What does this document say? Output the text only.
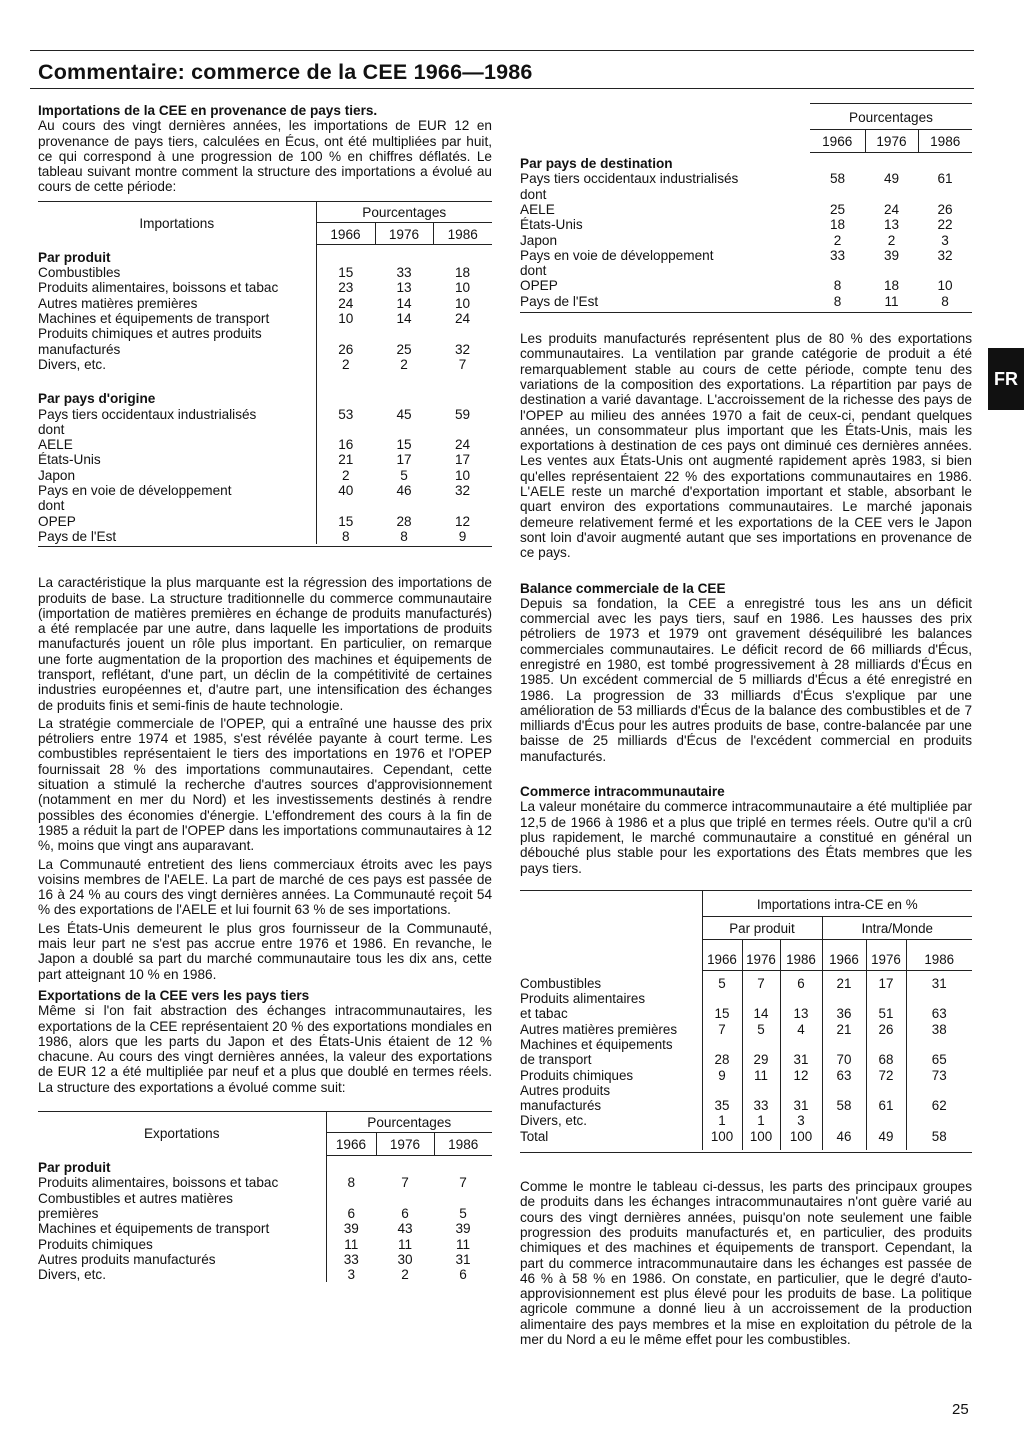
Commentaire: commerce de la CEE 1966—1986
Importations de la CEE en provenance de pays tiers.

Au cours des vingt dernières années, les importations de EUR 12 en provenance de pays tiers, calculées en Écus, ont été multipliées par huit, ce qui correspond à une progression de 100 % en chiffres déflatés. Le tableau suivant montre comment la structure des importations a évolué au cours de cette période:

Importations	Pourcentages		
	1966	1976	1986
Par produit			
Combustibles	15	33	18
Produits alimentaires, boissons et tabac	23	13	10
Autres matières premières	24	14	10
Machines et équipements de transport	10	14	24
Produits chimiques et autres produits			
manufacturés	26	25	32
Divers, etc.	2	2	7

Par pays d'origine			
Pays tiers occidentaux industrialisés	53	45	59
dont			
AELE	16	15	24
États-Unis	21	17	17
Japon	2	5	10
Pays en voie de développement	40	46	32
dont			
OPEP	15	28	12
Pays de l'Est	8	8	9

La caractéristique la plus marquante est la régression des importations de produits de base. La structure traditionnelle du commerce communautaire (importation de matières premières en échange de produits manufacturés) a été remplacée par une autre, dans laquelle les importations de produits manufacturés jouent un rôle plus important. En particulier, on remarque une forte augmentation de la proportion des machines et équipements de transport, reflétant, d'une part, un déclin de la compétitivité de certaines industries européennes et, d'autre part, une intensification des échanges de produits finis et semi-finis de haute technologie.

La stratégie commerciale de l'OPEP, qui a entraîné une hausse des prix pétroliers entre 1974 et 1985, s'est révélée payante à court terme. Les combustibles représentaient le tiers des importations en 1976 et l'OPEP fournissait 28 % des importations communautaires. Cependant, cette situation a stimulé la recherche d'autres sources d'approvisionnement (notamment en mer du Nord) et les investissements destinés à rendre possibles des économies d'énergie. L'effondrement des cours à la fin de 1985 a réduit la part de l'OPEP dans les importations communautaires à 12 %, moins que vingt ans auparavant.

La Communauté entretient des liens commerciaux étroits avec les pays voisins membres de l'AELE. La part de marché de ces pays est passée de 16 à 24 % au cours des vingt dernières années. La Communauté reçoit 54 % des exportations de l'AELE et lui fournit 63 % de ses importations.

Les États-Unis demeurent le plus gros fournisseur de la Communauté, mais leur part ne s'est pas accrue entre 1976 et 1986. En revanche, le Japon a doublé sa part du marché communautaire tous les dix ans, cette part atteignant 10 % en 1986.

Exportations de la CEE vers les pays tiers

Même si l'on fait abstraction des échanges intracommunautaires, les exportations de la CEE représentaient 20 % des exportations mondiales en 1986, alors que les parts du Japon et des États-Unis étaient de 12 % chacune. Au cours des vingt dernières années, la valeur des exportations de EUR 12 a été multipliée par neuf et a plus que doublé en termes réels. La structure des exportations a évolué comme suit:

Exportations	Pourcentages		
	1966	1976	1986
Par produit			
Produits alimentaires, boissons et tabac	8	7	7
Combustibles et autres matières			
premières	6	6	5
Machines et équipements de transport	39	43	39
Produits chimiques	11	11	11
Autres produits manufacturés	33	30	31
Divers, etc.	3	2	6
	Pourcentages		
	1966	1976	1986
Par pays de destination			
Pays tiers occidentaux industrialisés	58	49	61
dont			
AELE	25	24	26
États-Unis	18	13	22
Japon	2	2	3
Pays en voie de développement	33	39	32
dont			
OPEP	8	18	10
Pays de l'Est	8	11	8

Les produits manufacturés représentent plus de 80 % des exportations communautaires. La ventilation par grande catégorie de produit a été remarquablement stable au cours de cette période, compte tenu des variations de la composition des exportations. La répartition par pays de destination a varié davantage. L'accroissement de la richesse des pays de l'OPEP au milieu des années 1970 a fait de ceux-ci, pendant quelques années, un consommateur plus important que les États-Unis, mais les exportations à destination de ces pays ont diminué ces dernières années. Les ventes aux États-Unis ont augmenté rapidement après 1983, si bien qu'elles représentaient 22 % des exportations communautaires en 1986. L'AELE reste un marché d'exportation important et stable, absorbant le quart environ des exportations communautaires. Le marché japonais demeure relativement fermé et les exportations de la CEE vers le Japon sont loin d'avoir augmenté autant que ses importations en provenance de ce pays.

Balance commerciale de la CEE

Depuis sa fondation, la CEE a enregistré tous les ans un déficit commercial avec les pays tiers, sauf en 1986. Les hausses des prix pétroliers de 1973 et 1979 ont gravement déséquilibré les balances commerciales communautaires. Le déficit record de 66 milliards d'Écus, enregistré en 1980, est tombé progressivement à 28 milliards d'Écus en 1985. Un excédent commercial de 5 milliards d'Écus a été enregistré en 1986. La progression de 33 milliards d'Écus s'explique par une amélioration de 53 milliards d'Écus de la balance des combustibles et de 7 milliards d'Écus pour les autres produits de base, contre-balancée par une baisse de 25 milliards d'Écus de l'excédent commercial en produits manufacturés.

Commerce intracommunautaire

La valeur monétaire du commerce intracommunautaire a été multipliée par 12,5 de 1966 à 1986 et a plus que triplé en termes réels. Outre qu'il a crû plus rapidement, le marché communautaire a constitué en général un débouché plus stable pour les exportations des États membres que les pays tiers.

	Importations intra-CE en %					
	Par produit			Intra/Monde		
	1966	1976	1986	1966	1976	1986
Combustibles	5	7	6	21	17	31
Produits alimentaires						
et tabac	15	14	13	36	51	63
Autres matières premières	7	5	4	21	26	38
Machines et équipements						
de transport	28	29	31	70	68	65
Produits chimiques	9	11	12	63	72	73
Autres produits						
manufacturés	35	33	31	58	61	62
Divers, etc.	1	1	3			
Total	100	100	100	46	49	58

Comme le montre le tableau ci-dessus, les parts des principaux groupes de produits dans les échanges intracommunautaires n'ont guère varié au cours des vingt dernières années, puisqu'on note seulement une faible progression des produits manufacturés et, en particulier, des produits chimiques et des machines et équipements de transport. Cependant, la part du commerce intracommunautaire dans les échanges est passée de 46 % à 58 % en 1986. On constate, en particulier, que le degré d'auto-approvisionnement est plus élevé pour les produits de base. La politique agricole commune a donné lieu à un accroissement de la production alimentaire des pays membres et la mise en exploitation du pétrole de la mer du Nord a eu le même effet pour les combustibles.

FR
25
